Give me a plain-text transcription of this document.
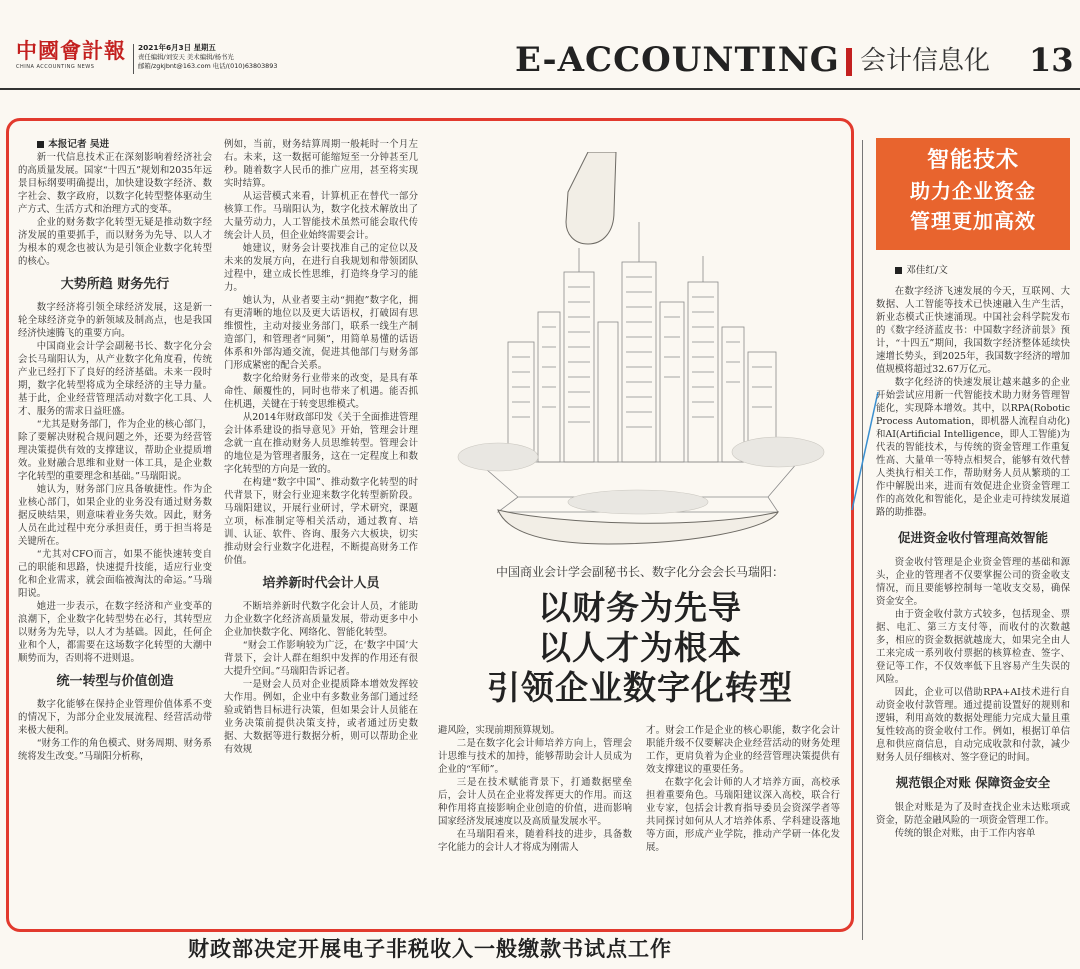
中國會計報
CHINA ACCOUNTING NEWS
2021年6月3日 星期五
责任编辑/刘安天 美术编辑/杨书光
邮箱/zgkjbnt@163.com 电话/(010)63803893	E-ACCOUNTING 会计信息化 13

本报记者 吴进

新一代信息技术正在深刻影响着经济社会的高质量发展。国家“十四五”规划和2035年远景目标纲要明确提出，加快建设数字经济、数字社会、数字政府，以数字化转型整体驱动生产方式、生活方式和治理方式的变革。

企业的财务数字化转型无疑是推动数字经济发展的重要抓手，而以财务为先导、以人才为根本的观念也被认为是引领企业数字化转型的核心。

大势所趋 财务先行

数字经济将引领全球经济发展，这是新一轮全球经济竞争的新领域及制高点，也是我国经济快速腾飞的重要方向。

中国商业会计学会副秘书长、数字化分会会长马瑞阳认为，从产业数字化角度看，传统产业已经打下了良好的经济基础。未来一段时期，数字化转型将成为全球经济的主导力量。基于此，企业经营管理活动对数字化工具、人才、服务的需求日益旺盛。

“尤其是财务部门，作为企业的核心部门，除了要解决财税合规问题之外，还要为经营管理决策提供有效的支撑建议，帮助企业提质增效。业财融合思维和业财一体工具，是企业数字化转型的重要理念和基础。”马瑞阳说。

她认为，财务部门应具备敏捷性。作为企业核心部门，如果企业的业务没有通过财务数据反映结果，则意味着业务失效。因此，财务人员在此过程中充分承担责任，勇于担当将是关键所在。

“尤其对CFO而言，如果不能快速转变自己的职能和思路，快速提升技能，适应行业变化和企业需求，就会面临被淘汰的命运。”马瑞阳说。

她进一步表示，在数字经济和产业变革的浪潮下，企业数字化转型势在必行，其转型应以财务为先导，以人才为基础。因此，任何企业和个人，都需要在这场数字化转型的大潮中顺势而为，否则将不进则退。

统一转型与价值创造

数字化能够在保持企业管理价值体系不变的情况下，为部分企业发展流程、经营活动带来极大便利。

“财务工作的角色模式、财务周期、财务系统将发生改变。”马瑞阳分析称，

例如，当前，财务结算周期一般耗时一个月左右。未来，这一数据可能缩短至一分钟甚至几秒。随着数字人民币的推广应用，甚至将实现实时结算。

从运营模式来看，计算机正在替代一部分核算工作。马瑞阳认为，数字化技术解放出了大量劳动力，人工智能技术虽然可能会取代传统会计人员，但企业始终需要会计。

她建议，财务会计要找准自己的定位以及未来的发展方向，在进行自我规划和带领团队过程中，建立成长性思维，打造终身学习的能力。

她认为，从业者要主动“拥抱”数字化，拥有更清晰的地位以及更大话语权，打破固有思维惯性，主动对接业务部门，联系一线生产制造部门，和管理者“同频”，用简单易懂的话语体系和外部沟通交流，促进其他部门与财务部门形成紧密的配合关系。

数字化给财务行业带来的改变，是具有革命性、颠覆性的，同时也带来了机遇。能否抓住机遇，关键在于转变思维模式。

从2014年财政部印发《关于全面推进管理会计体系建设的指导意见》开始，管理会计理念就一直在推动财务人员思维转型。管理会计的地位是为管理者服务，这在一定程度上和数字化转型的方向是一致的。

在构建“数字中国”、推动数字化转型的时代背景下，财会行业迎来数字化转型新阶段。马瑞阳建议，开展行业研讨，学术研究，课题立项，标准制定等相关活动，通过教育、培训、认证、软件、咨询、服务六大板块，切实推动财会行业数字化进程，不断提高财务工作价值。

培养新时代会计人员

不断培养新时代数字化会计人员，才能助力企业数字化经济高质量发展，带动更多中小企业加快数字化、网络化、智能化转型。

“财会工作影响较为广泛，在‘数字中国’大背景下，会计人群在组织中发挥的作用还有很大提升空间。”马瑞阳告诉记者。

一是财会人员对企业提质降本增效发挥较大作用。例如，企业中有多数业务部门通过经验或销售目标进行决策，但如果会计人员能在业务决策前提供决策支持，或者通过历史数据、大数据等进行数据分析，则可以帮助企业有效规

中国商业会计学会副秘书长、数字化分会会长马瑞阳：
以财务为先导
以人才为根本
引领企业数字化转型

避风险，实现前期预算规划。

二是在数字化会计师培养方向上，管理会计思维与技术的加持，能够帮助会计人员成为企业的“军师”。

三是在技术赋能背景下，打通数据壁垒后，会计人员在企业将发挥更大的作用。而这种作用将直接影响企业创造的价值，进而影响国家经济发展速度以及高质量发展水平。

在马瑞阳看来，随着科技的进步，具备数字化能力的会计人才将成为刚需人

才。财会工作是企业的核心职能，数字化会计职能升级不仅要解决企业经营活动的财务处理工作，更肩负着为企业的经营管理决策提供有效支撑建议的重要任务。

在数字化会计师的人才培养方面，高校承担着重要角色。马瑞阳建议深入高校，联合行业专家，包括会计教育指导委员会资深学者等共同探讨如何从人才培养体系、学科建设落地等方面，形成产业学院，推动产学研一体化发展。

财政部决定开展电子非税收入一般缴款书试点工作
智能技术
助力企业资金
管理更加高效

邓佳红/文

在数字经济飞速发展的今天，互联网、大数据、人工智能等技术已快速融入生产生活，新业态模式正快速涌现。中国社会科学院发布的《数字经济蓝皮书：中国数字经济前景》预计，“十四五”期间，我国数字经济整体延续快速增长势头，到2025年，我国数字经济的增加值规模将超过32.67万亿元。

数字化经济的快速发展让越来越多的企业开始尝试应用新一代智能技术助力财务管理智能化，实现降本增效。其中，以RPA(Robotic Process Automation，即机器人流程自动化)和AI(Artificial Intelligence，即人工智能)为代表的智能技术，与传统的资金管理工作重复性高、大量单一等特点相契合，能够有效代替人类执行相关工作，帮助财务人员从繁琐的工作中解脱出来，进而有效促进企业资金管理工作的高效化和智能化，是企业走可持续发展道路的助推器。

促进资金收付管理高效智能

资金收付管理是企业资金管理的基础和源头，企业的管理者不仅要掌握公司的资金收支情况，而且要能够控制每一笔收支交易，确保资金安全。

由于资金收付款方式较多，包括现金、票据、电汇、第三方支付等，而收付的次数越多，相应的资金数据就越庞大，如果完全由人工来完成一系列收付票据的核算检查、签字、登记等工作，不仅效率低下且容易产生失误的风险。

因此，企业可以借助RPA+AI技术进行自动资金收付款管理。通过提前设置好的规则和逻辑，利用高效的数据处理能力完成大量且重复性较高的资金收付工作。例如，根据订单信息和供应商信息，自动完成收款和付款，减少财务人员仔细核对、签字登记的时间。

规范银企对账 保障资金安全

银企对账是为了及时查找企业未达账项或资金，防范金融风险的一项资金管理工作。

传统的银企对账，由于工作内容单
